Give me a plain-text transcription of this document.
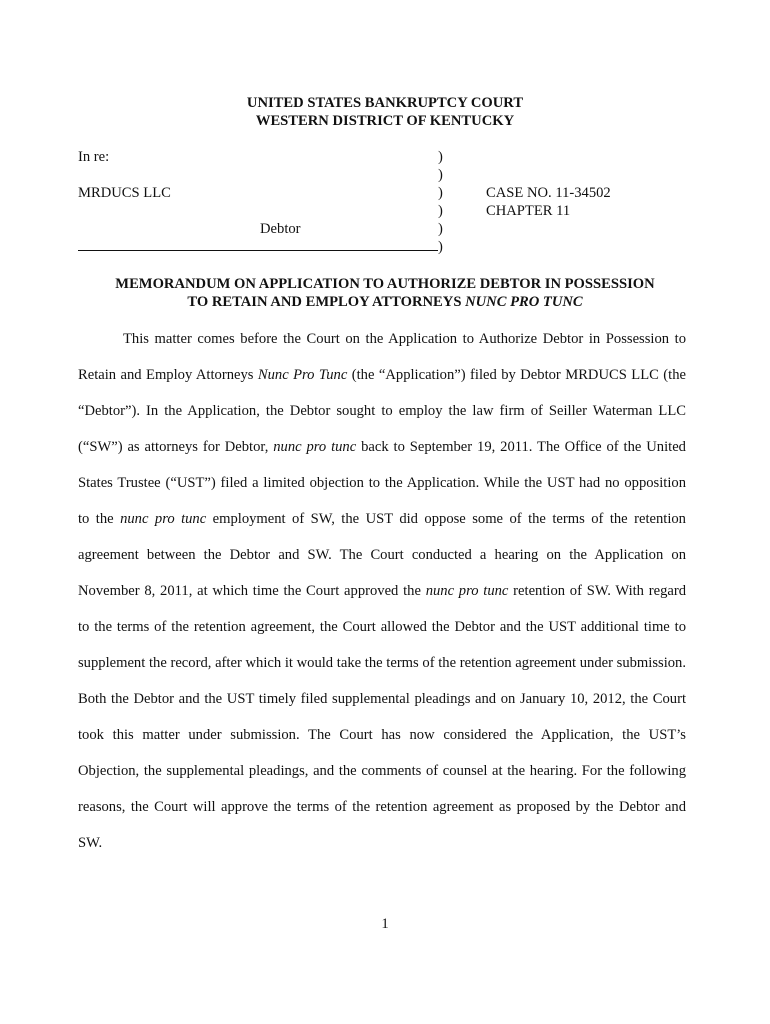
UNITED STATES BANKRUPTCY COURT
WESTERN DISTRICT OF KENTUCKY
In re:
MRDUCS LLC
Debtor
)
)
)
)
)
)
CASE NO. 11-34502
CHAPTER 11
MEMORANDUM ON APPLICATION TO AUTHORIZE DEBTOR IN POSSESSION
TO RETAIN AND EMPLOY ATTORNEYS NUNC PRO TUNC
This matter comes before the Court on the Application to Authorize Debtor in Possession to
Retain and Employ Attorneys Nunc Pro Tunc (the “Application”) filed by Debtor MRDUCS LLC (the
“Debtor”). In the Application, the Debtor sought to employ the law firm of Seiller Waterman LLC
(“SW”) as attorneys for Debtor, nunc pro tunc back to September 19, 2011. The Office of the United
States Trustee (“UST”) filed a limited objection to the Application. While the UST had no opposition
to the nunc pro tunc employment of SW, the UST did oppose some of the terms of the retention
agreement between the Debtor and SW. The Court conducted a hearing on the Application on
November 8, 2011, at which time the Court approved the nunc pro tunc retention of SW. With regard
to the terms of the retention agreement, the Court allowed the Debtor and the UST additional time to
supplement the record, after which it would take the terms of the retention agreement under submission.
Both the Debtor and the UST timely filed supplemental pleadings and on January 10, 2012, the Court
took this matter under submission. The Court has now considered the Application, the UST’s
Objection, the supplemental pleadings, and the comments of counsel at the hearing. For the following
reasons, the Court will approve the terms of the retention agreement as proposed by the Debtor and
SW.
1
